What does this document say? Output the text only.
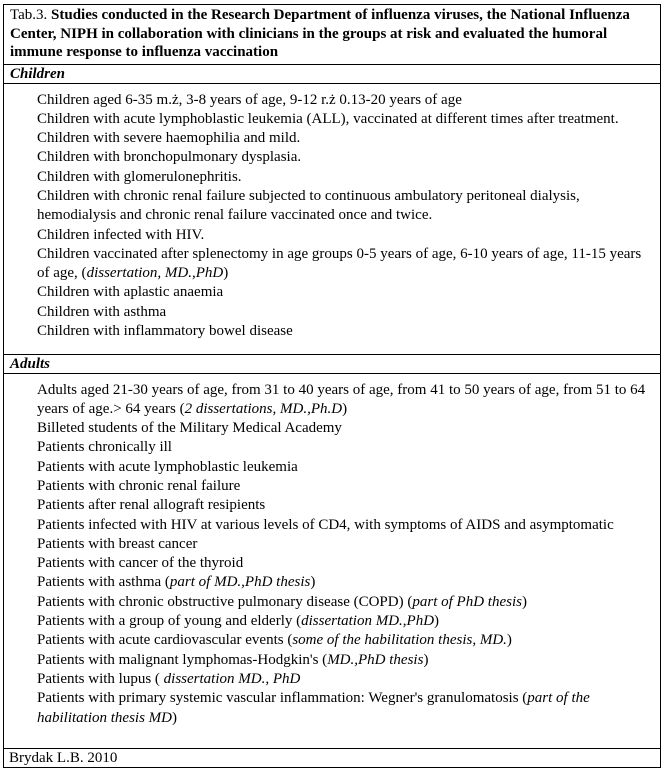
Tab.3. Studies conducted in the Research Department of influenza viruses, the National Influenza Center, NIPH in collaboration with clinicians in the groups at risk and evaluated the humoral immune response to influenza vaccination
Children

Children aged 6-35 m.ż, 3-8 years of age, 9-12 r.ż 0.13-20 years of age
Children with acute lymphoblastic leukemia (ALL), vaccinated at different times after treatment.
Children with severe haemophilia and mild.
Children with bronchopulmonary dysplasia.
Children with glomerulonephritis.
Children with chronic renal failure subjected to continuous ambulatory peritoneal dialysis, hemodialysis and chronic renal failure vaccinated once and twice.
Children infected with HIV.
Children vaccinated after splenectomy in age groups 0-5 years of age, 6-10 years of age, 11-15 years of age, (dissertation, MD.,PhD)
Children with aplastic anaemia
Children with asthma
Children with inflammatory bowel disease

Adults

Adults aged 21-30 years of age, from 31 to 40 years of age, from 41 to 50 years of age, from 51 to 64 years of age.> 64 years (2 dissertations, MD.,Ph.D)
Billeted students of the Military Medical Academy
Patients chronically ill
Patients with acute lymphoblastic leukemia
Patients with chronic renal failure
Patients after renal allograft resipients
Patients infected with HIV at various levels of CD4, with symptoms of AIDS and asymptomatic
Patients with breast cancer
Patients with cancer of the thyroid
Patients with asthma (part of MD.,PhD thesis)
Patients with chronic obstructive pulmonary disease (COPD) (part of PhD thesis)
Patients with a group of young and elderly (dissertation MD.,PhD)
Patients with acute cardiovascular events (some of the habilitation thesis, MD.)
Patients with malignant lymphomas-Hodgkin's (MD.,PhD thesis)
Patients with lupus ( dissertation MD., PhD
Patients with primary systemic vascular inflammation: Wegner's granulomatosis (part of the habilitation thesis MD)

Brydak L.B. 2010
